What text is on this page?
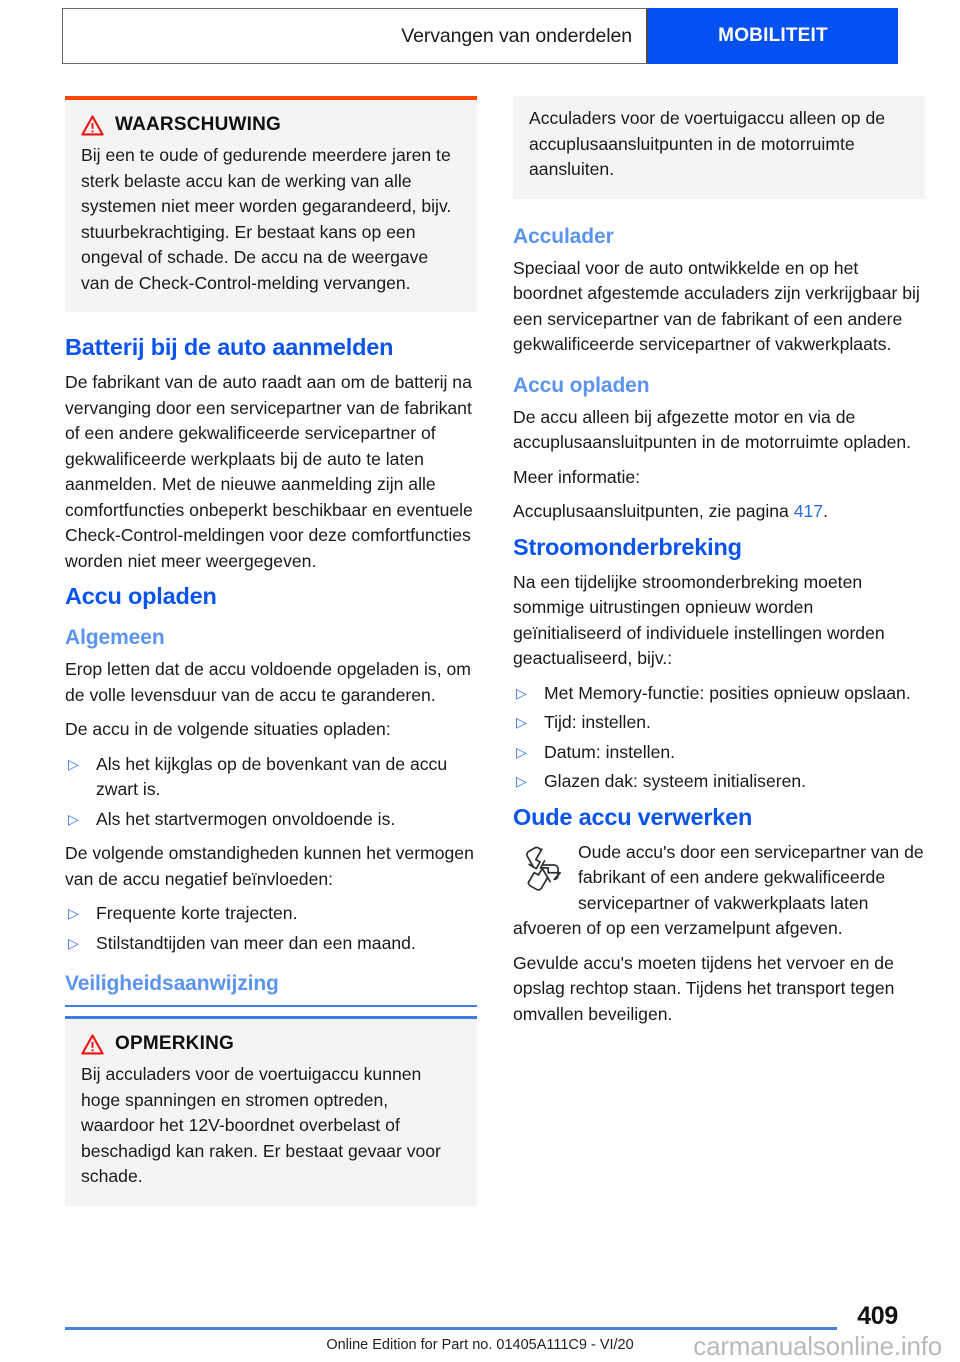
Vervangen van onderdelen	MOBILITEIT
WAARSCHUWING

Bij een te oude of gedurende meerdere jaren te sterk belaste accu kan de werking van alle systemen niet meer worden gegarandeerd, bijv. stuurbekrachtiging. Er bestaat kans op een ongeval of schade. De accu na de weergave van de Check-Control-melding vervangen.

Batterij bij de auto aanmelden

De fabrikant van de auto raadt aan om de batterij na vervanging door een servicepartner van de fabrikant of een andere gekwalificeerde servicepartner of gekwalificeerde werkplaats bij de auto te laten aanmelden. Met de nieuwe aanmelding zijn alle comfortfuncties onbeperkt beschikbaar en eventuele Check-Control-meldingen voor deze comfortfuncties worden niet meer weergegeven.

Accu opladen
Algemeen

Erop letten dat de accu voldoende opgeladen is, om de volle levensduur van de accu te garanderen.

De accu in de volgende situaties opladen:

▷ Als het kijkglas op de bovenkant van de accu zwart is.
▷ Als het startvermogen onvoldoende is.

De volgende omstandigheden kunnen het vermogen van de accu negatief beïnvloeden:

▷ Frequente korte trajecten.
▷ Stilstandtijden van meer dan een maand.
Veiligheidsaanwijzing
OPMERKING

Bij acculaders voor de voertuigaccu kunnen hoge spanningen en stromen optreden, waardoor het 12V-boordnet overbelast of beschadigd kan raken. Er bestaat gevaar voor schade.

Acculaders voor de voertuigaccu alleen op de accuplusaansluitpunten in de motorruimte aansluiten.

Acculader

Speciaal voor de auto ontwikkelde en op het boordnet afgestemde acculaders zijn verkrijgbaar bij een servicepartner van de fabrikant of een andere gekwalificeerde servicepartner of vakwerkplaats.

Accu opladen

De accu alleen bij afgezette motor en via de accuplusaansluitpunten in de motorruimte opladen.

Meer informatie:

Accuplusaansluitpunten, zie pagina 417.

Stroomonderbreking

Na een tijdelijke stroomonderbreking moeten sommige uitrustingen opnieuw worden geïnitialiseerd of individuele instellingen worden geactualiseerd, bijv.:

▷ Met Memory-functie: posities opnieuw opslaan.
▷ Tijd: instellen.
▷ Datum: instellen.
▷ Glazen dak: systeem initialiseren.
Oude accu verwerken

Oude accu's door een servicepartner van de fabrikant of een andere gekwalificeerde servicepartner of vakwerkplaats laten afvoeren of op een verzamelpunt afgeven.

Gevulde accu's moeten tijdens het vervoer en de opslag rechtop staan. Tijdens het transport tegen omvallen beveiligen.

409
Online Edition for Part no. 01405A111C9 - VI/20	carmanualsonline.info
